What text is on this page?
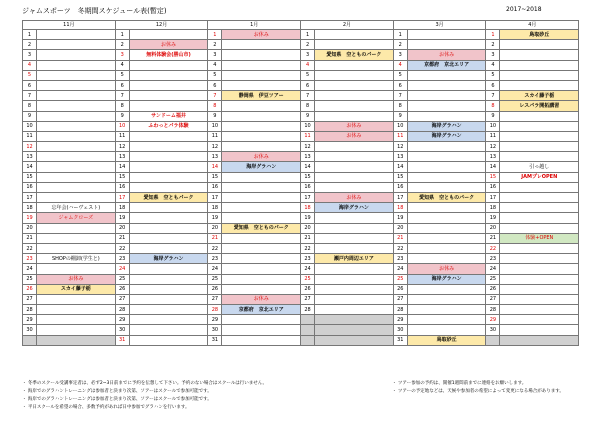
ジャムスポーツ　冬期間スケジュール表(暫定)	2017~2018
11月		12月		1月		2月		3月		4月	
1		1		1	お休み	1		1		1	鳥取砂丘
2		2	お休み	2		2		2		2	
3		3	無料体験会(勝山市)	3		3	愛知県　空とものパーク	3	お休み	3	
4		4		4		4		4	京都府　京北エリア	4	
5		5		5		5		5		5	
6		6		6		6		6		6	
7		7		7	静岡県　伊豆ツアー	7		7		7	スカイ藤子栃
8		8		8		8		8		8	レスパラ開拓講習
9		9	サンドーム福井	9		9		9		9	
10		10	ふわっとパラ体験	10		10	お休み	10	海岸グラハン	10	
11		11		11		11	お休み	11	海岸グラハン	11	
12		12		12		12		12		12	
13		13		13	お休み	13		13		13	
14		14		14	海岸グラハン	14		14		14	引っ越し
15		15		15		15		15		15	JAMプレOPEN
16		16		16		16		16		16	
17		17	愛知県　空ともパーク	17		17	お休み	17	愛知県　空とものパーク	17	
18	忘年会(ハーヴェスト)	18		18		18	海岸グラハン	18		18	
19	ジャムクローズ	19		19		19		19		19	
20		20		20	愛知県　空とものパーク	20		20		20	
21		21		21		21		21		21	体験+OPEN
22		22		22		22		22		22	
23	SHOPの棚卸(学生と)	23	海岸グラハン	23		23	瀬戸内周辺エリア	23		23	
24		24		24		24		24	お休み	24	
25	お休み	25		25		25		25	海岸グラハン	25	
26	スカイ藤子栃	26		26		26		26		26	
27		27		27	お休み	27		27		27	
28		28		28	京都府　京北エリア	28		28		28	
29		29		29				29		29	
30		30		30				30		30	
		31		31				31	鳥取砂丘		
・ 冬季のスクール受講事定者は、必ず2~3日前までに予約を伝想して下さい。予約のない場合はスクールは行いません。
・ 海岸でのグラハントレーニングは参加者と決まり次第、ソアーはスクールで参加可能です。
・ 海岸でのグラハントレーニングは参加者と決まり次第、ソアーはスクールで参加可能です。
・ 平日スクールを希望の場合、多数予約があれば日中参加でグラハンを行います。
・ ツアー参加の予約は、開催1週間前までに連絡をお願いします。
・ ツアーの予定地などは、天候や参加者の希望によって変更になる場合があります。
